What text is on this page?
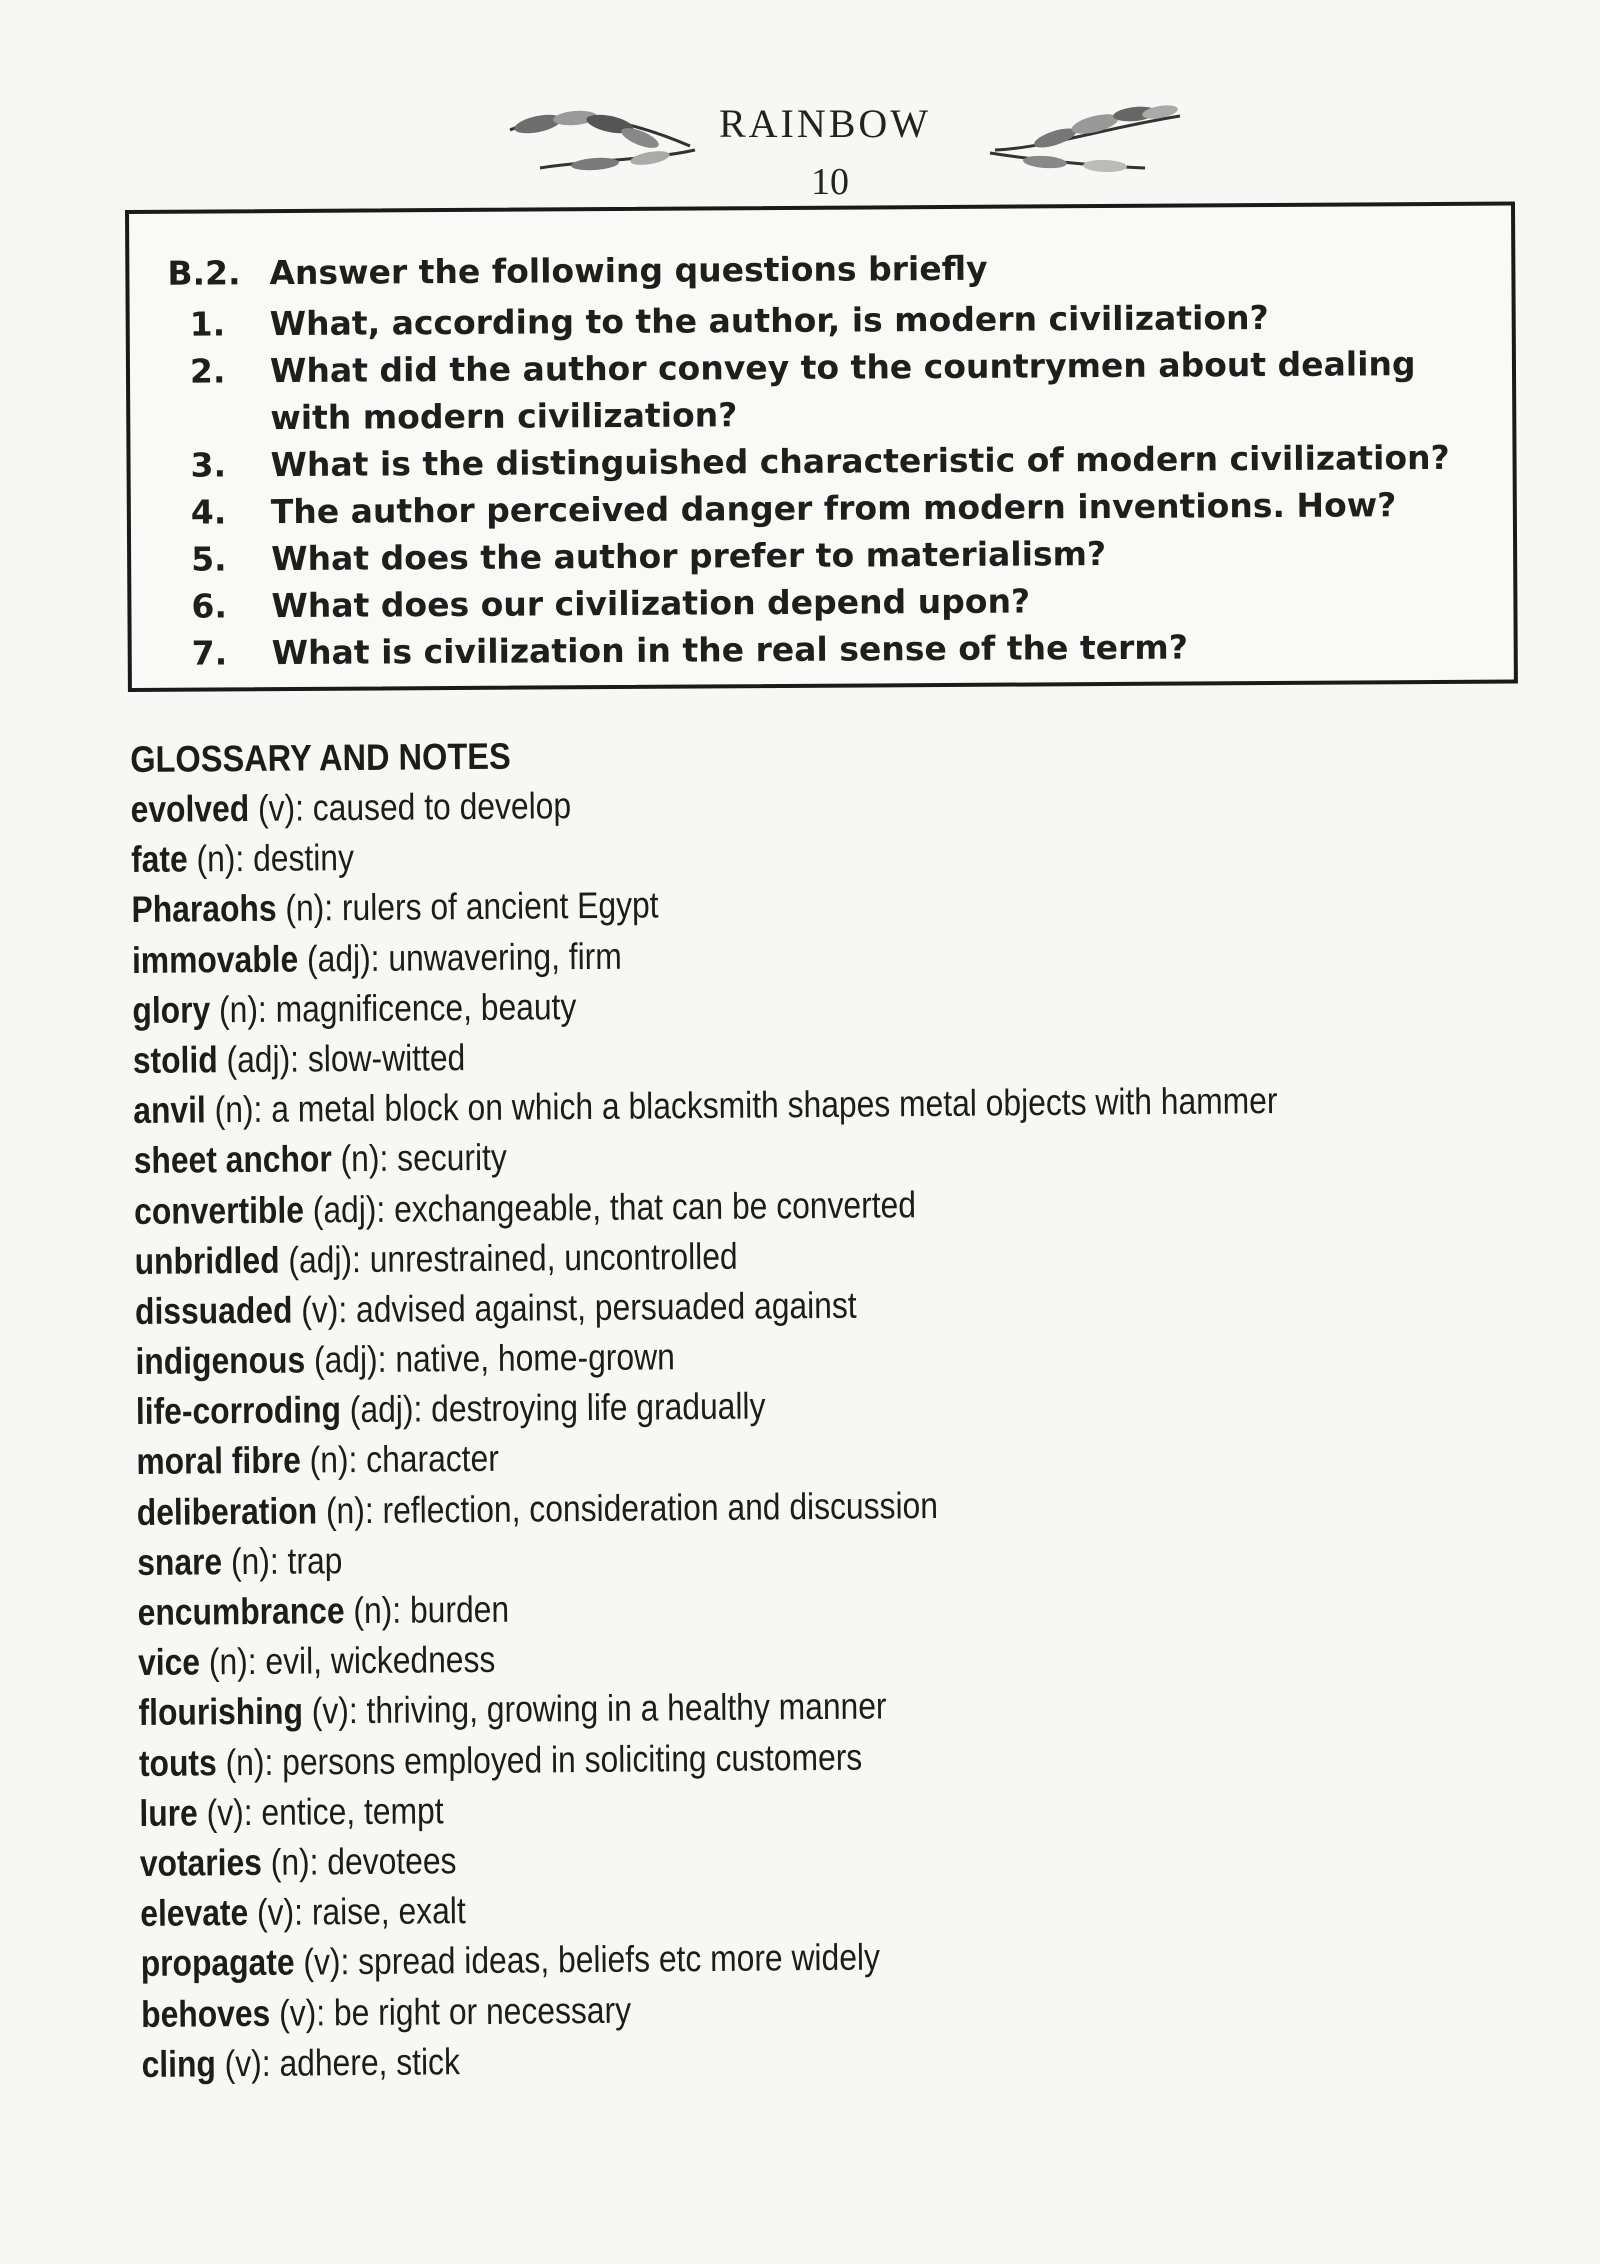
RAINBOW
10
B.2. Answer the following questions briefly
1.	What, according to the author, is modern civilization?
2.	What did the author convey to the countrymen about dealing with modern civilization?
3.	What is the distinguished characteristic of modern civilization?
4.	The author perceived danger from modern inventions. How?
5.	What does the author prefer to materialism?
6.	What does our civilization depend upon?
7.	What is civilization in the real sense of the term?
GLOSSARY AND NOTES
evolved (v): caused to develop
fate (n): destiny
Pharaohs (n): rulers of ancient Egypt
immovable (adj): unwavering, firm
glory (n): magnificence, beauty
stolid (adj): slow-witted
anvil (n): a metal block on which a blacksmith shapes metal objects with hammer
sheet anchor (n): security
convertible (adj): exchangeable, that can be converted
unbridled (adj): unrestrained, uncontrolled
dissuaded (v): advised against, persuaded against
indigenous (adj): native, home-grown
life-corroding (adj): destroying life gradually
moral fibre (n): character
deliberation (n): reflection, consideration and discussion
snare (n): trap
encumbrance (n): burden
vice (n): evil, wickedness
flourishing (v): thriving, growing in a healthy manner
touts (n): persons employed in soliciting customers
lure (v): entice, tempt
votaries (n): devotees
elevate (v): raise, exalt
propagate (v): spread ideas, beliefs etc more widely
behoves (v): be right or necessary
cling (v): adhere, stick
